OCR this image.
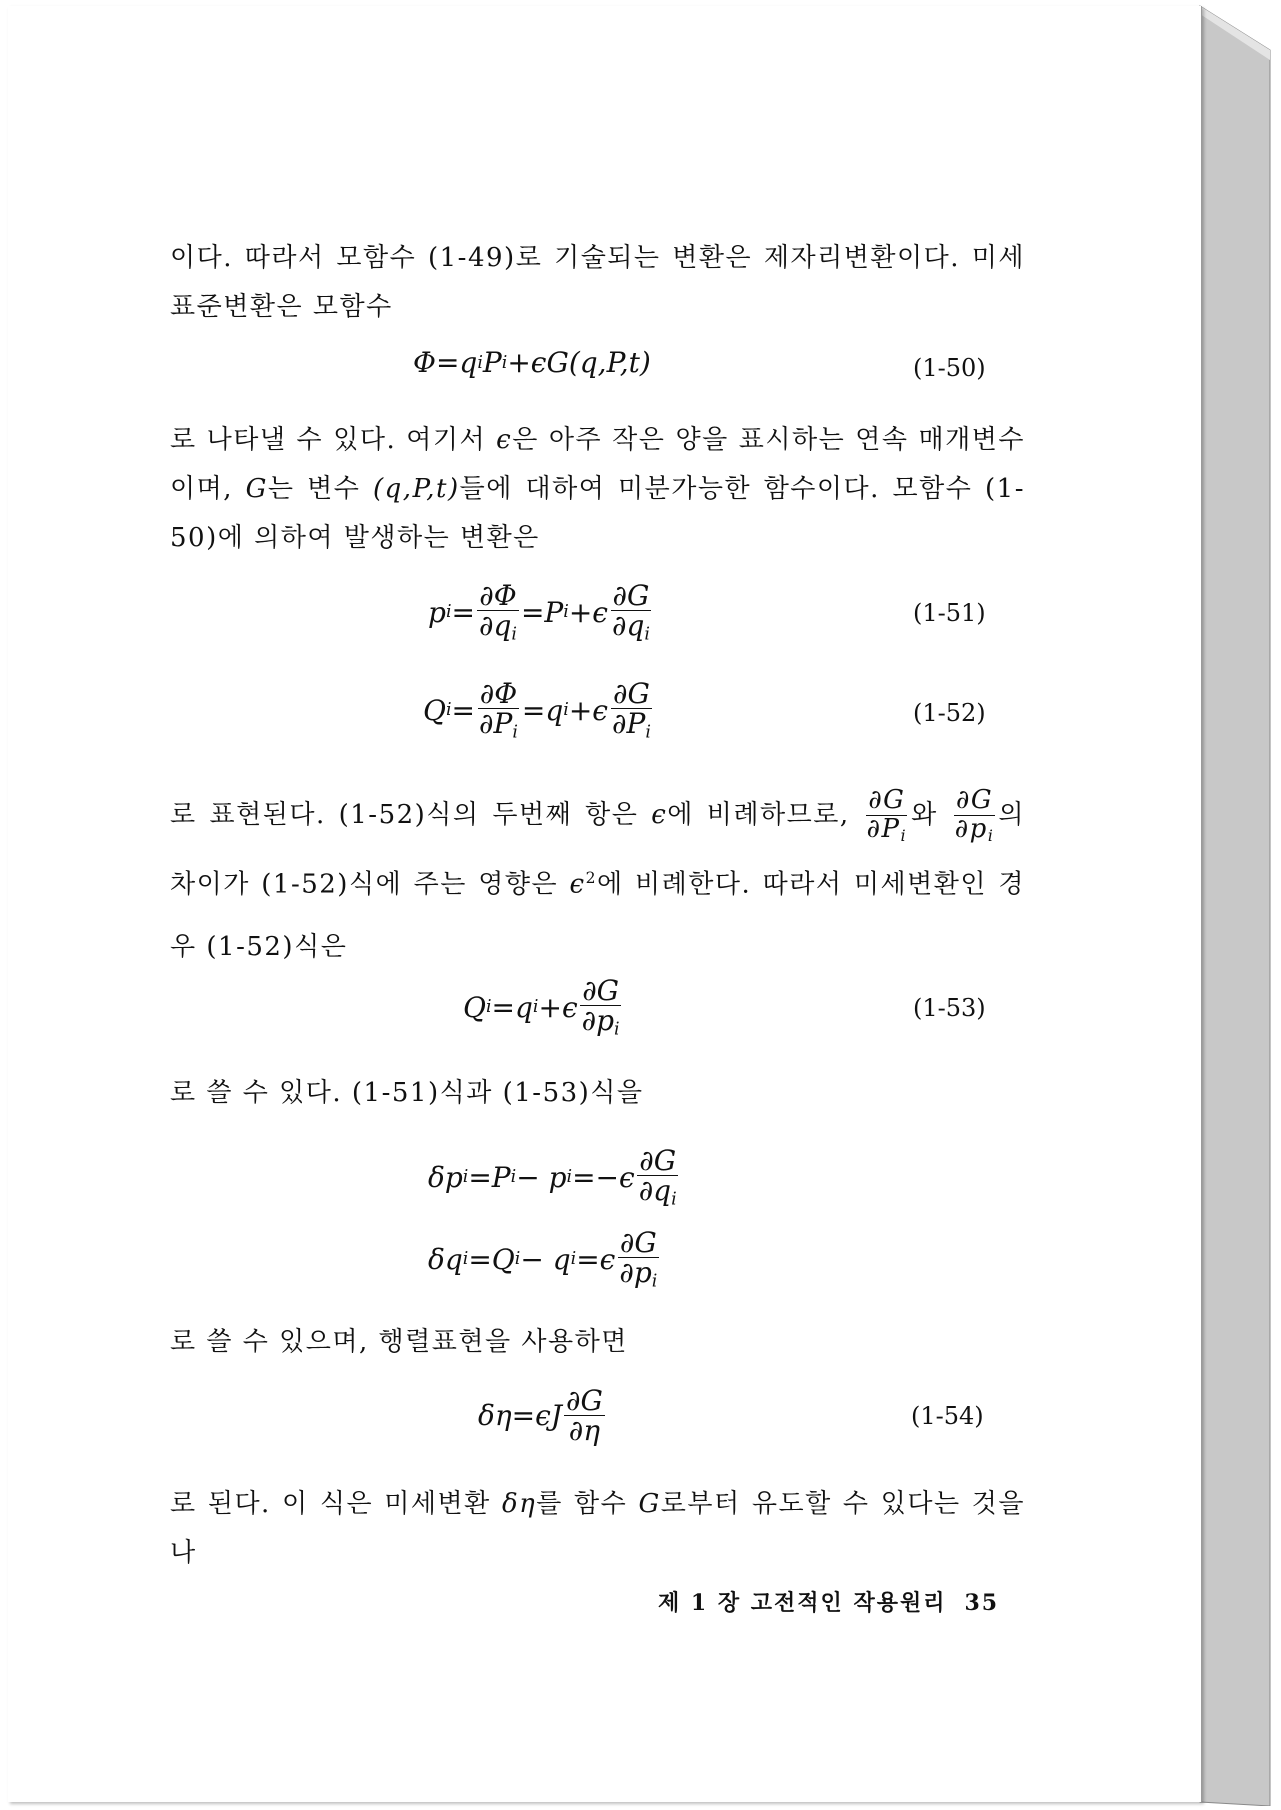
이다. 따라서 모함수 (1-49)로 기술되는 변환은 제자리변환이다. 미세 표준변환은 모함수

Φ=q i P i +ϵG(q,P,t)	(1-50)

로 나타낼 수 있다. 여기서 ϵ은 아주 작은 양을 표시하는 연속 매개변수이며, G는 변수 (q,P,t)들에 대하여 미분가능한 함수이다. 모함수 (1-50)에 의하여 발생하는 변환은

p $i = \frac{\partial\Phi}{\partial q_i} =P$ $i +\epsilon \frac{\partial G}{\partial q_i}$	(1-51)
Q $i = \frac{\partial\Phi}{\partial P_i} =q$ $i +\epsilon \frac{\partial G}{\partial P_i}$	(1-52)

로 표현된다. (1-52)식의 두번째 항은 ϵ에 비례하므로, $\frac{\partial G}{\partial P_i}$ 와 $\frac{\partial G}{\partial p_i}$ 의 차이가 (1-52)식에 주는 영향은 $\epsilon^2$에 비례한다. 따라서 미세변환인 경우 (1-52)식은

Q i =q $i +\epsilon \frac{\partial G}{\partial p_i}$	(1-53)

로 쓸 수 있다. (1-51)식과 (1-53)식을

δp i =P i − p $i =-\epsilon \frac{\partial G}{\partial q_i}$
δq i =Q i − q $i =\epsilon \frac{\partial G}{\partial p_i}$

로 쓸 수 있으며, 행렬표현을 사용하면

$\delta\eta=\epsilon J \frac{\partial G}{\partial\eta}$	(1-54)

로 된다. 이 식은 미세변환 δη를 함수 G로부터 유도할 수 있다는 것을 나

제 1 장 고전적인 작용원리 35
